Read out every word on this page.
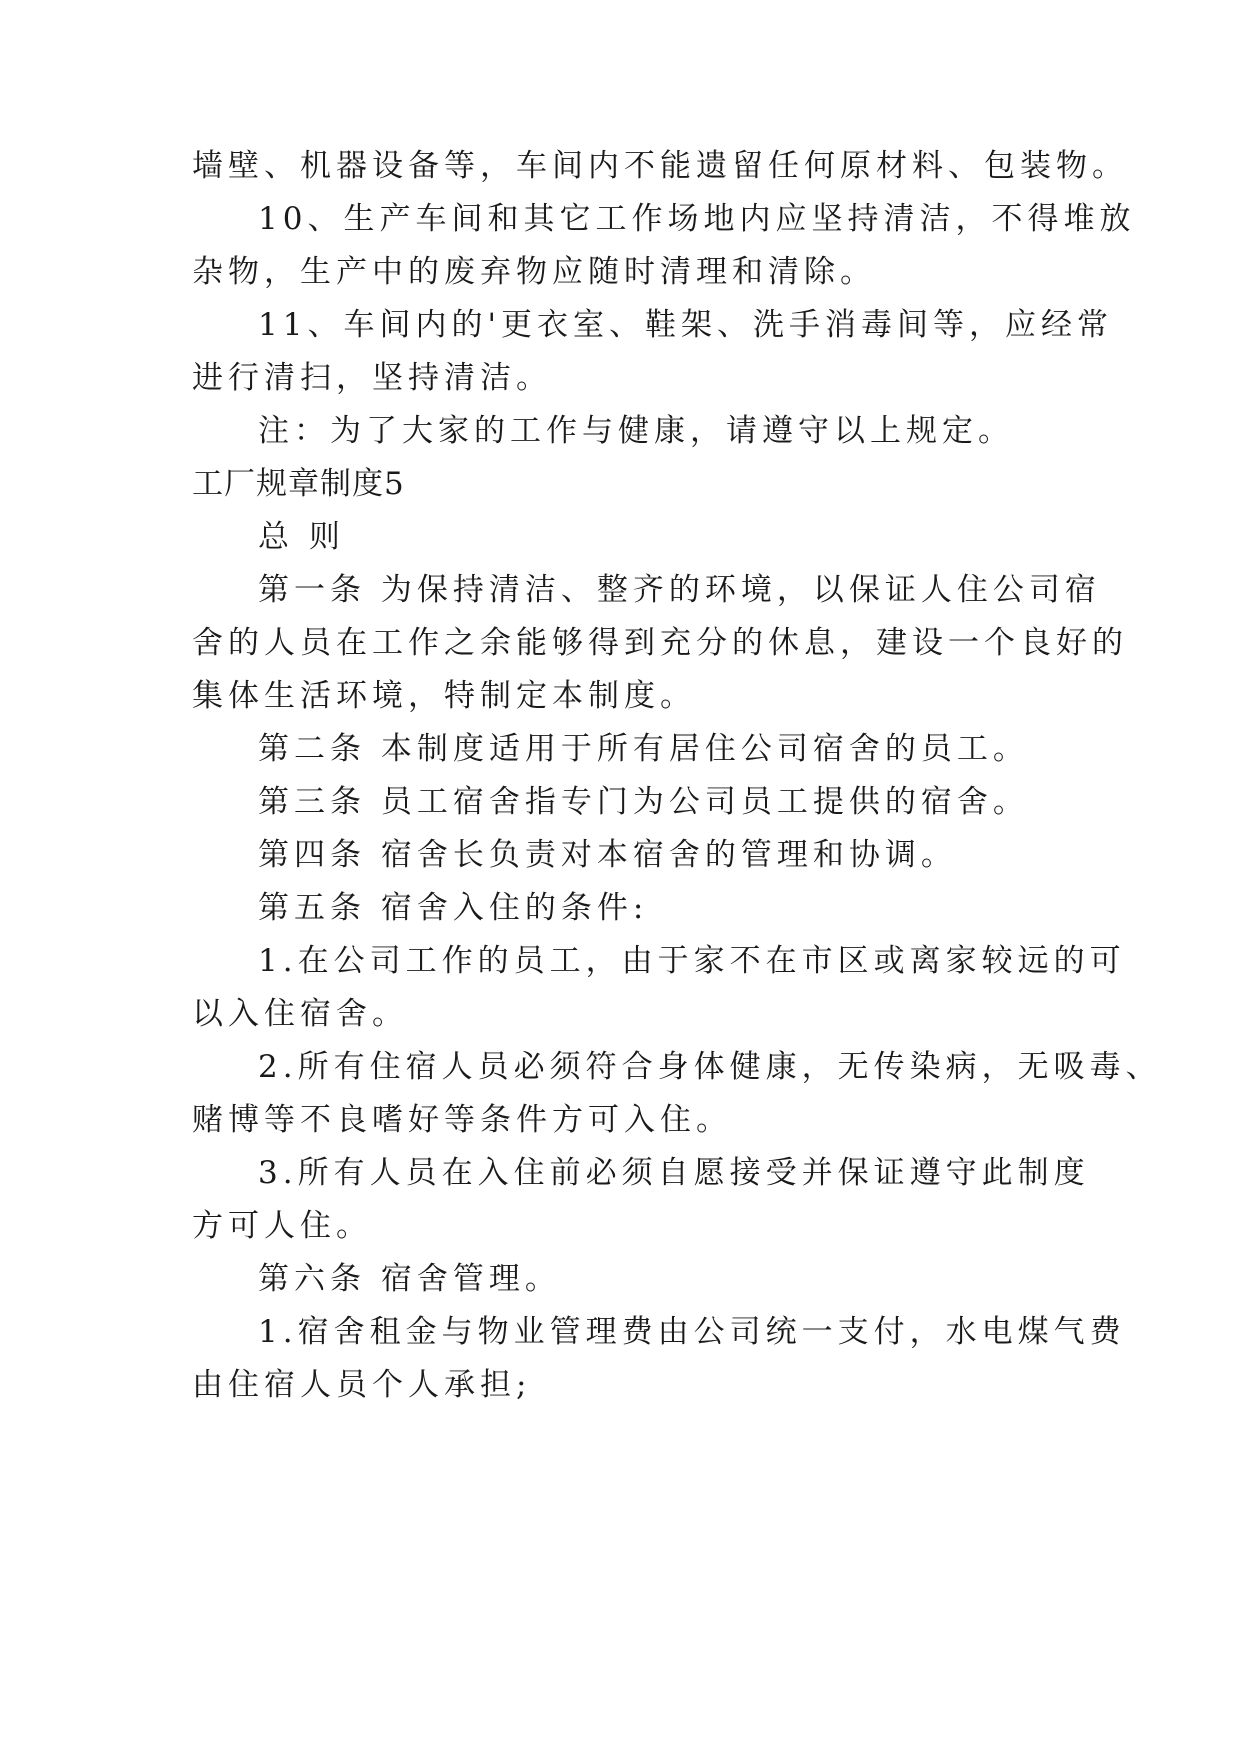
墙壁、机器设备等，车间内不能遗留任何原材料、包装物。
10、生产车间和其它工作场地内应坚持清洁，不得堆放
杂物，生产中的废弃物应随时清理和清除。
11、车间内的'更衣室、鞋架、洗手消毒间等，应经常
进行清扫，坚持清洁。
注：为了大家的工作与健康，请遵守以上规定。
工厂规章制度5
总 则
第一条 为保持清洁、整齐的环境，以保证人住公司宿
舍的人员在工作之余能够得到充分的休息，建设一个良好的
集体生活环境，特制定本制度。
第二条 本制度适用于所有居住公司宿舍的员工。
第三条 员工宿舍指专门为公司员工提供的宿舍。
第四条 宿舍长负责对本宿舍的管理和协调。
第五条 宿舍入住的条件:
1.在公司工作的员工，由于家不在市区或离家较远的可
以入住宿舍。
2.所有住宿人员必须符合身体健康，无传染病，无吸毒、
赌博等不良嗜好等条件方可入住。
3.所有人员在入住前必须自愿接受并保证遵守此制度
方可人住。
第六条 宿舍管理。
1.宿舍租金与物业管理费由公司统一支付，水电煤气费
由住宿人员个人承担;
